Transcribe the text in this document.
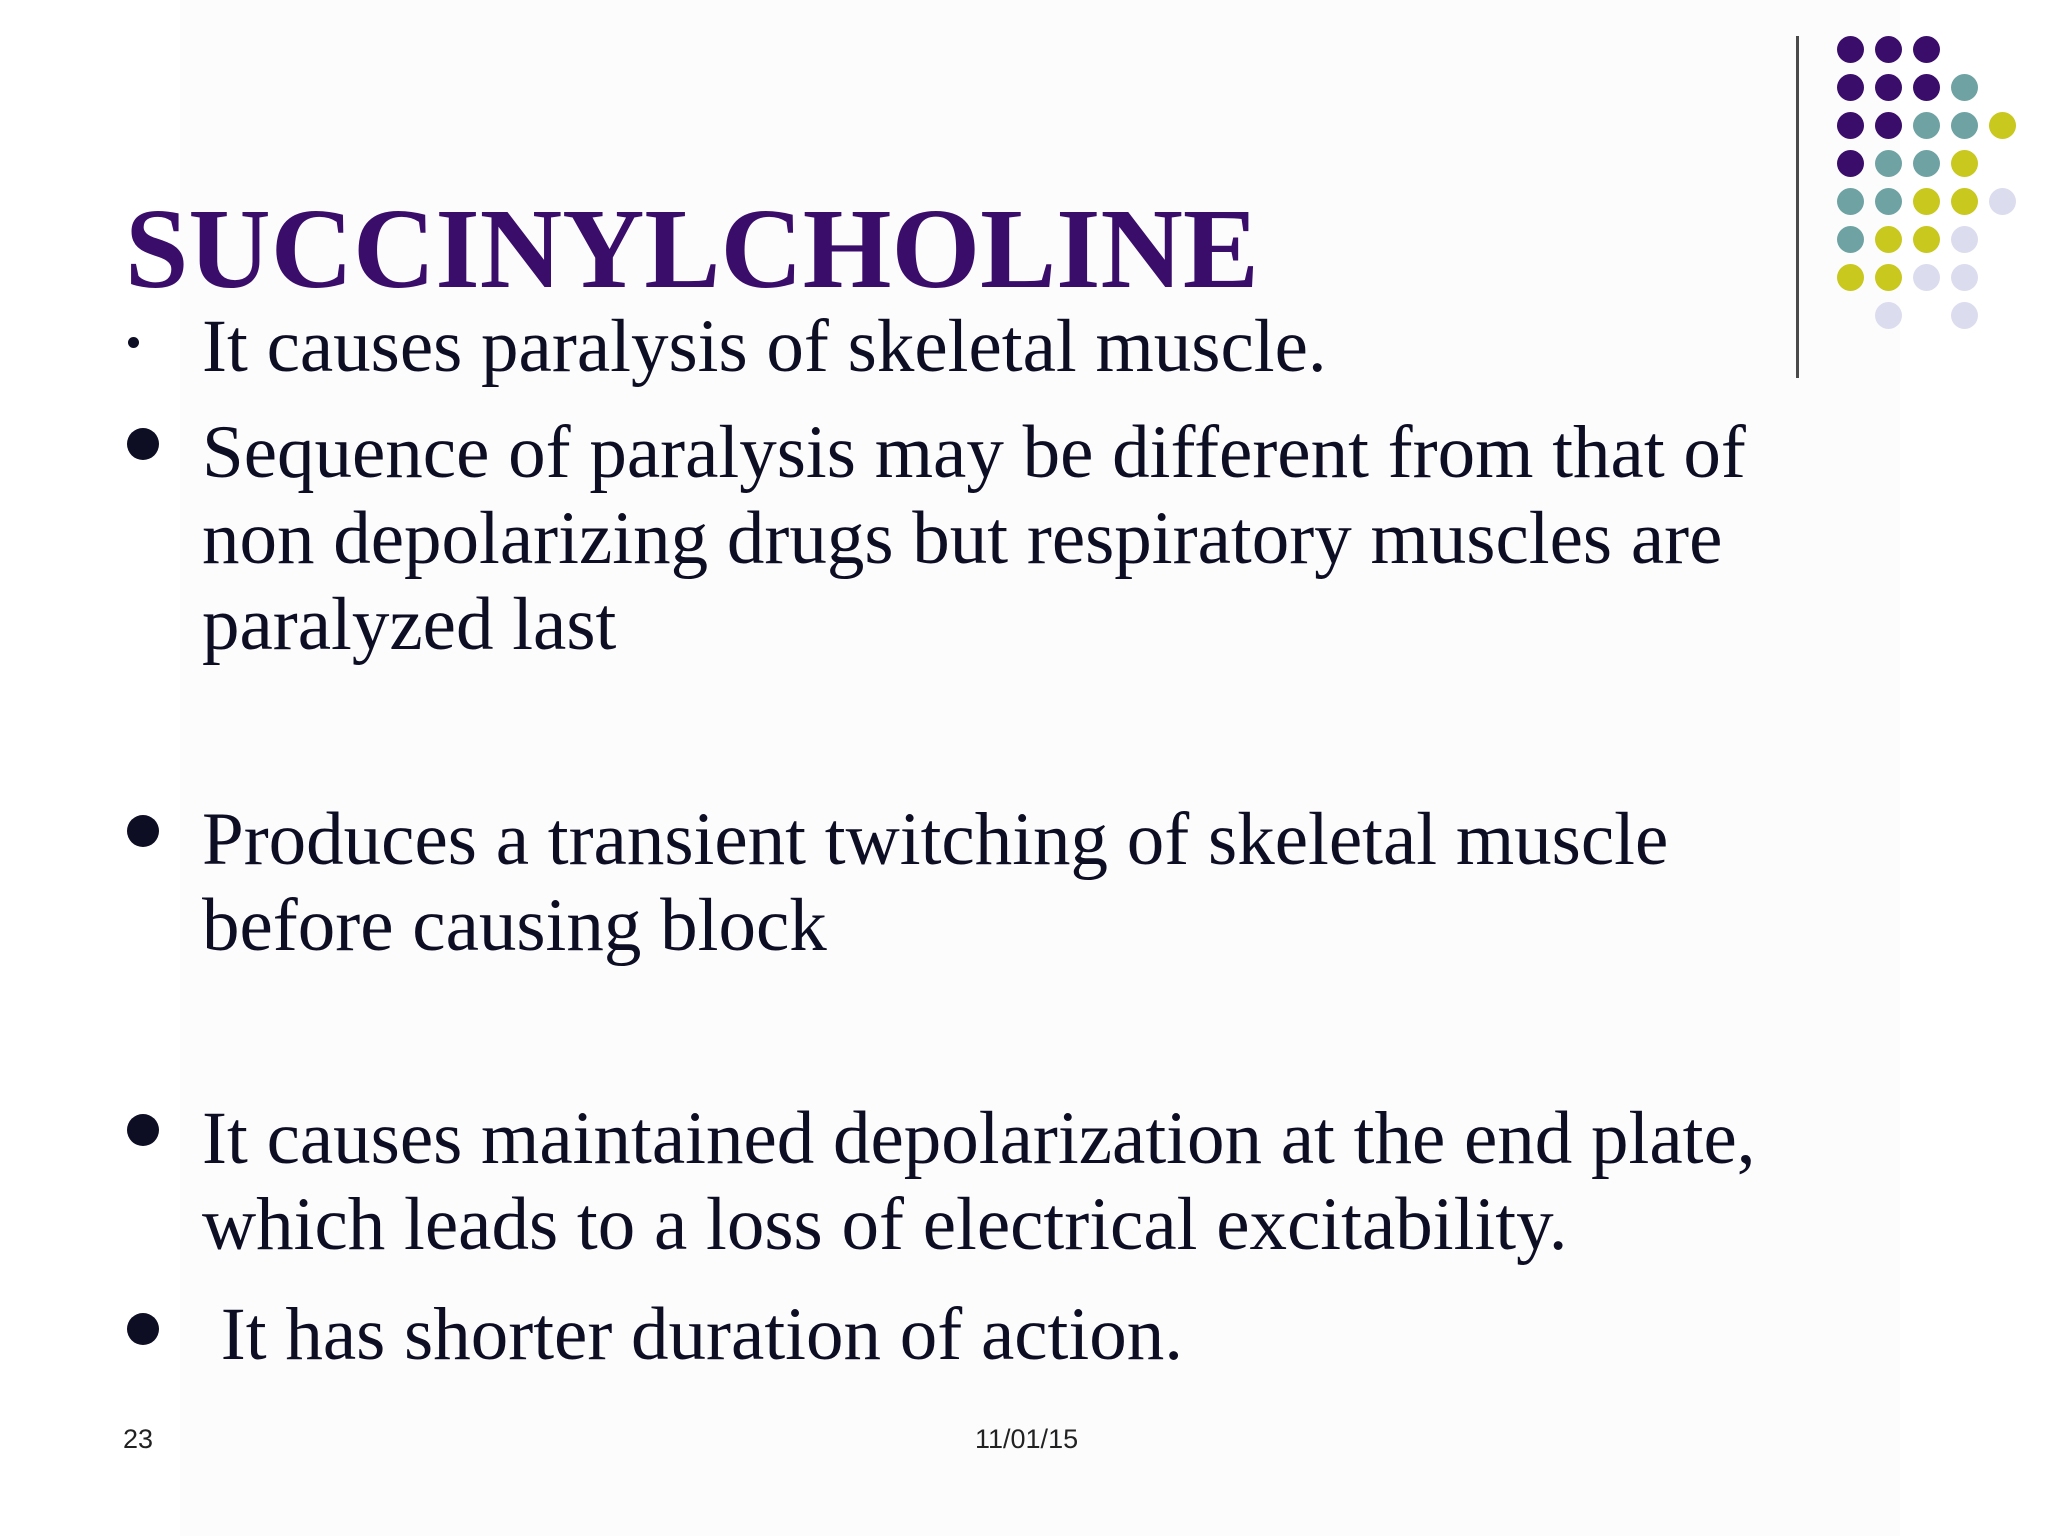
SUCCINYLCHOLINE
It causes paralysis of skeletal muscle.
Sequence of paralysis may be different from that of
non depolarizing drugs but respiratory muscles are
paralyzed last
Produces a transient twitching of skeletal muscle
before causing block
It causes maintained depolarization at the end plate,
which leads to a loss of electrical excitability.
It has shorter duration of action.
23	11/01/15
